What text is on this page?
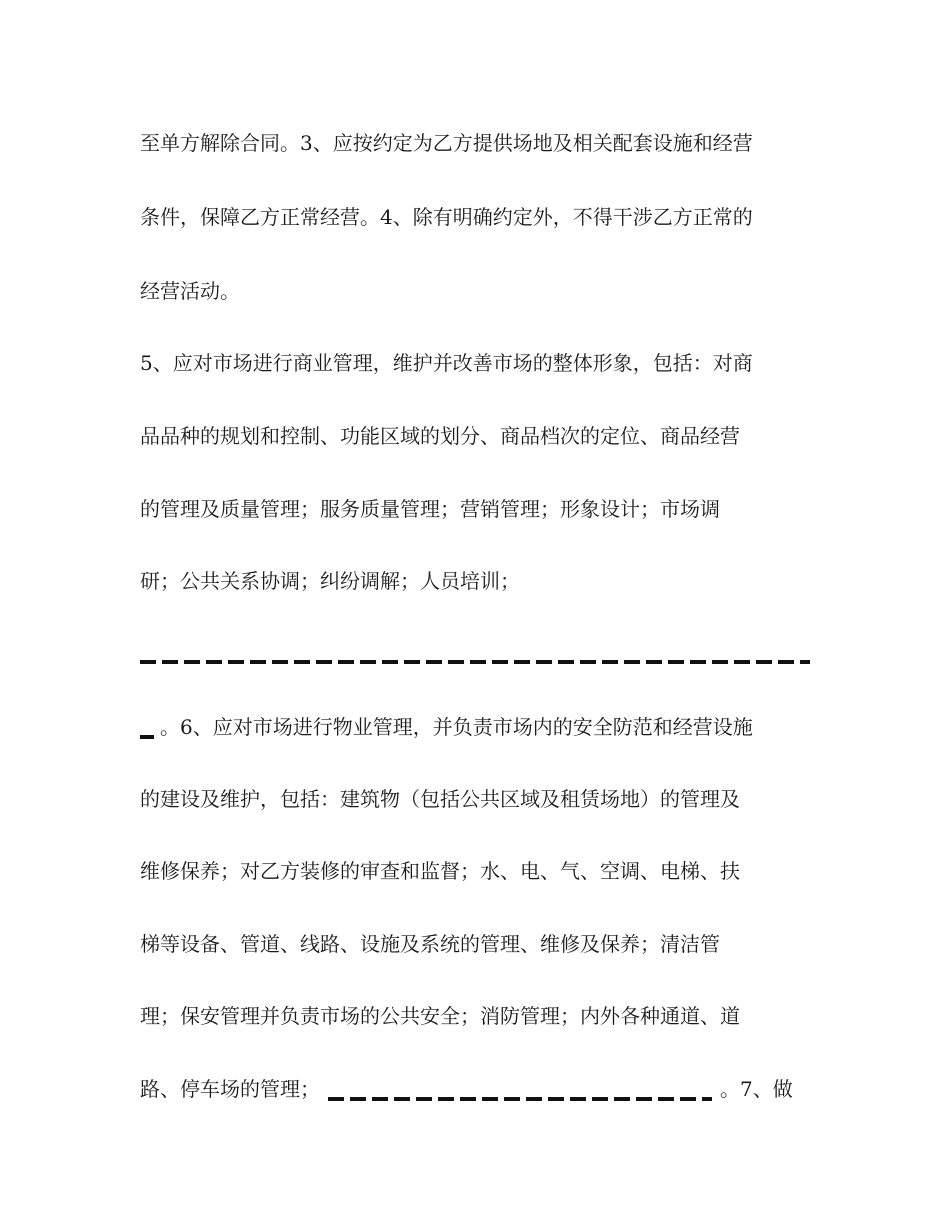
至单方解除合同。3、应按约定为乙方提供场地及相关配套设施和经营
条件，保障乙方正常经营。4、除有明确约定外，不得干涉乙方正常的
经营活动。
5、应对市场进行商业管理，维护并改善市场的整体形象，包括：对商
品品种的规划和控制、功能区域的划分、商品档次的定位、商品经营
的管理及质量管理；服务质量管理；营销管理；形象设计；市场调
研；公共关系协调；纠纷调解；人员培训；
。6、应对市场进行物业管理，并负责市场内的安全防范和经营设施
的建设及维护，包括：建筑物（包括公共区域及租赁场地）的管理及
维修保养；对乙方装修的审查和监督；水、电、气、空调、电梯、扶
梯等设备、管道、线路、设施及系统的管理、维修及保养；清洁管
理；保安管理并负责市场的公共安全；消防管理；内外各种通道、道
路、停车场的管理；	。7、做
